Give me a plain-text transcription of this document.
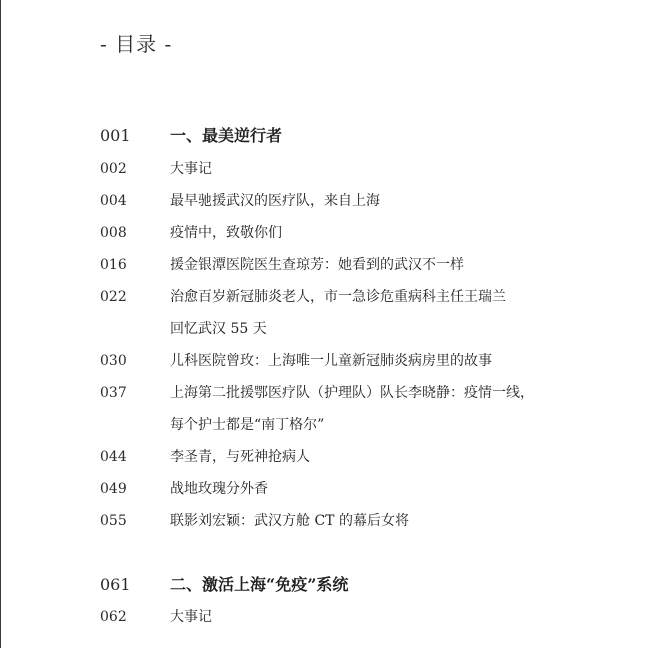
- 目录 -
001 一、最美逆行者
002	大事记
004	最早驰援武汉的医疗队，来自上海
008	疫情中，致敬你们
016	援金银潭医院医生查琼芳：她看到的武汉不一样
022	治愈百岁新冠肺炎老人，市一急诊危重病科主任王瑞兰
回忆武汉 55 天
030	儿科医院曾玫：上海唯一儿童新冠肺炎病房里的故事
037	上海第二批援鄂医疗队（护理队）队长李晓静：疫情一线，
每个护士都是“南丁格尔”
044	李圣青，与死神抢病人
049	战地玫瑰分外香
055	联影刘宏颖：武汉方舱 CT 的幕后女将
061 二、激活上海“免疫”系统
062	大事记
